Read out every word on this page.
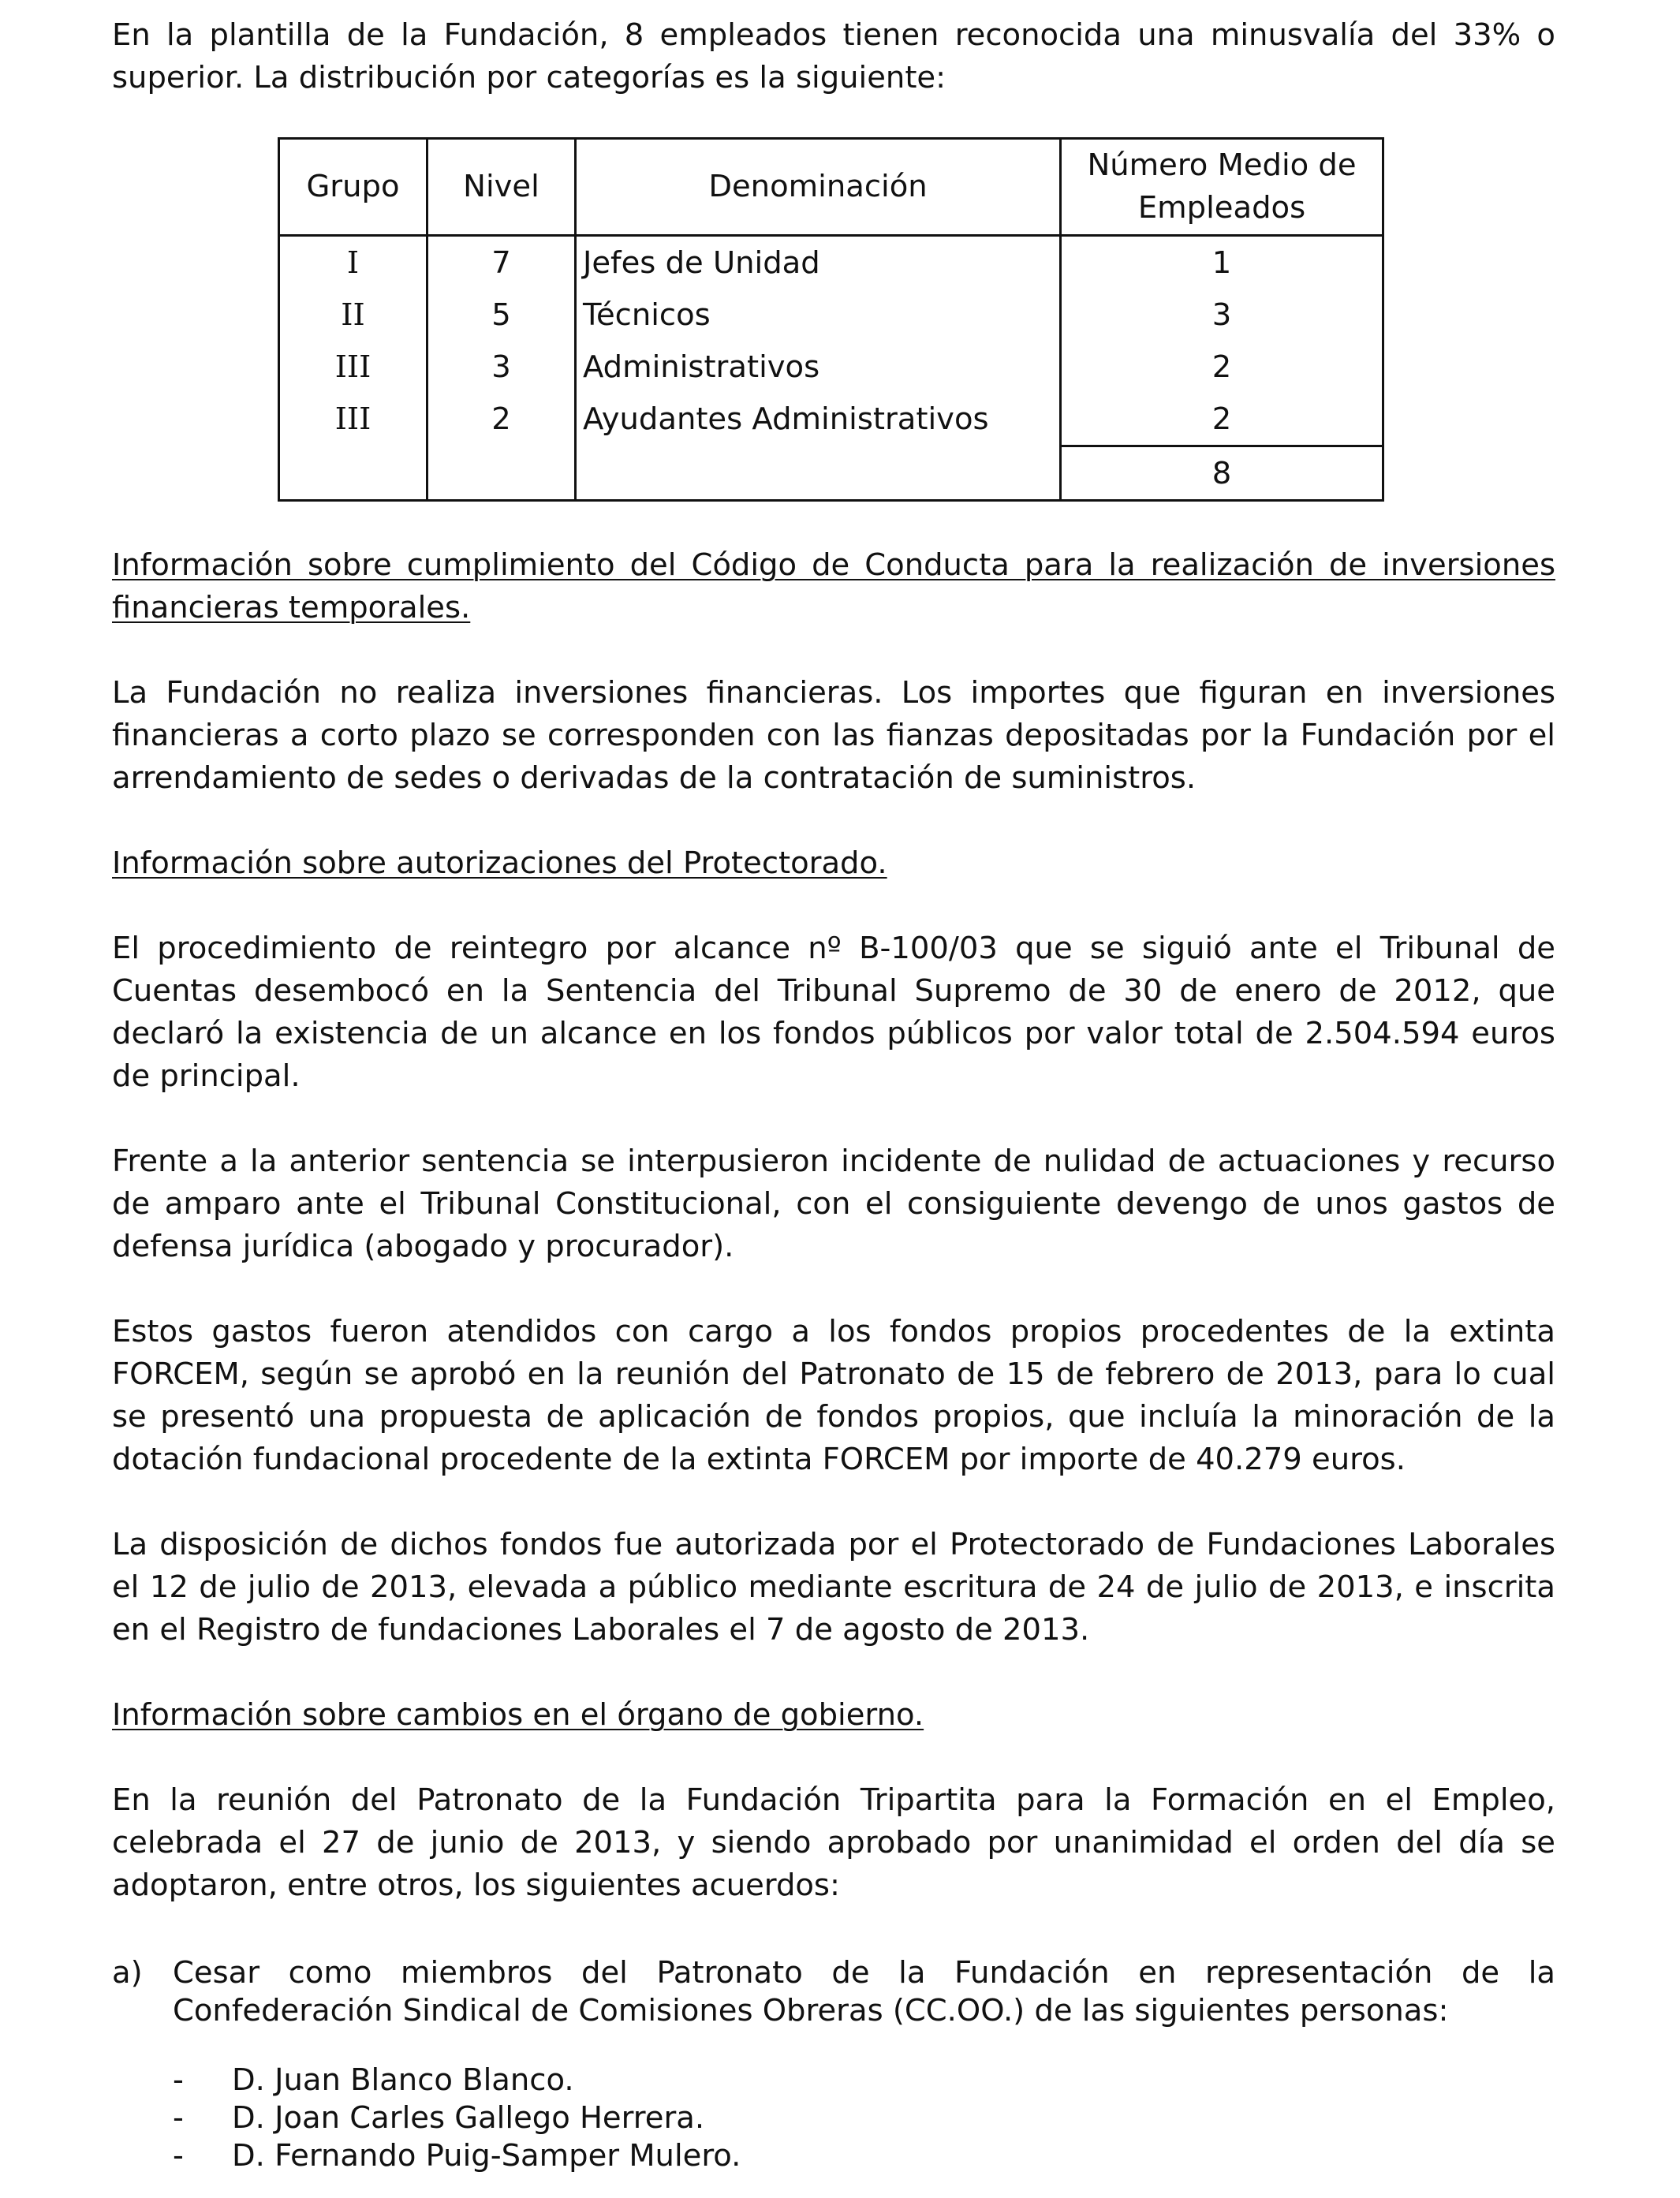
En la plantilla de la Fundación, 8 empleados tienen reconocida una minusvalía del 33% o superior. La distribución por categorías es la siguiente:

Grupo	Nivel	Denominación	Número Medio de Empleados
I	7	Jefes de Unidad	1
II	5	Técnicos	3
III	3	Administrativos	2
III	2	Ayudantes Administrativos	2
			8

Información sobre cumplimiento del Código de Conducta para la realización de inversiones financieras temporales.

La Fundación no realiza inversiones financieras. Los importes que figuran en inversiones financieras a corto plazo se corresponden con las fianzas depositadas por la Fundación por el arrendamiento de sedes o derivadas de la contratación de suministros.

Información sobre autorizaciones del Protectorado.

El procedimiento de reintegro por alcance nº B-100/03 que se siguió ante el Tribunal de Cuentas desembocó en la Sentencia del Tribunal Supremo de 30 de enero de 2012, que declaró la existencia de un alcance en los fondos públicos por valor total de 2.504.594 euros de principal.

Frente a la anterior sentencia se interpusieron incidente de nulidad de actuaciones y recurso de amparo ante el Tribunal Constitucional, con el consiguiente devengo de unos gastos de defensa jurídica (abogado y procurador).

Estos gastos fueron atendidos con cargo a los fondos propios procedentes de la extinta FORCEM, según se aprobó en la reunión del Patronato de 15 de febrero de 2013, para lo cual se presentó una propuesta de aplicación de fondos propios, que incluía la minoración de la dotación fundacional procedente de la extinta FORCEM por importe de 40.279 euros.

La disposición de dichos fondos fue autorizada por el Protectorado de Fundaciones Laborales el 12 de julio de 2013, elevada a público mediante escritura de 24 de julio de 2013, e inscrita en el Registro de fundaciones Laborales el 7 de agosto de 2013.

Información sobre cambios en el órgano de gobierno.

En la reunión del Patronato de la Fundación Tripartita para la Formación en el Empleo, celebrada el 27 de junio de 2013, y siendo aprobado por unanimidad el orden del día se adoptaron, entre otros, los siguientes acuerdos:

a) Cesar como miembros del Patronato de la Fundación en representación de la Confederación Sindical de Comisiones Obreras (CC.OO.) de las siguientes personas:
-	D. Juan Blanco Blanco.
-	D. Joan Carles Gallego Herrera.
-	D. Fernando Puig-Samper Mulero.
